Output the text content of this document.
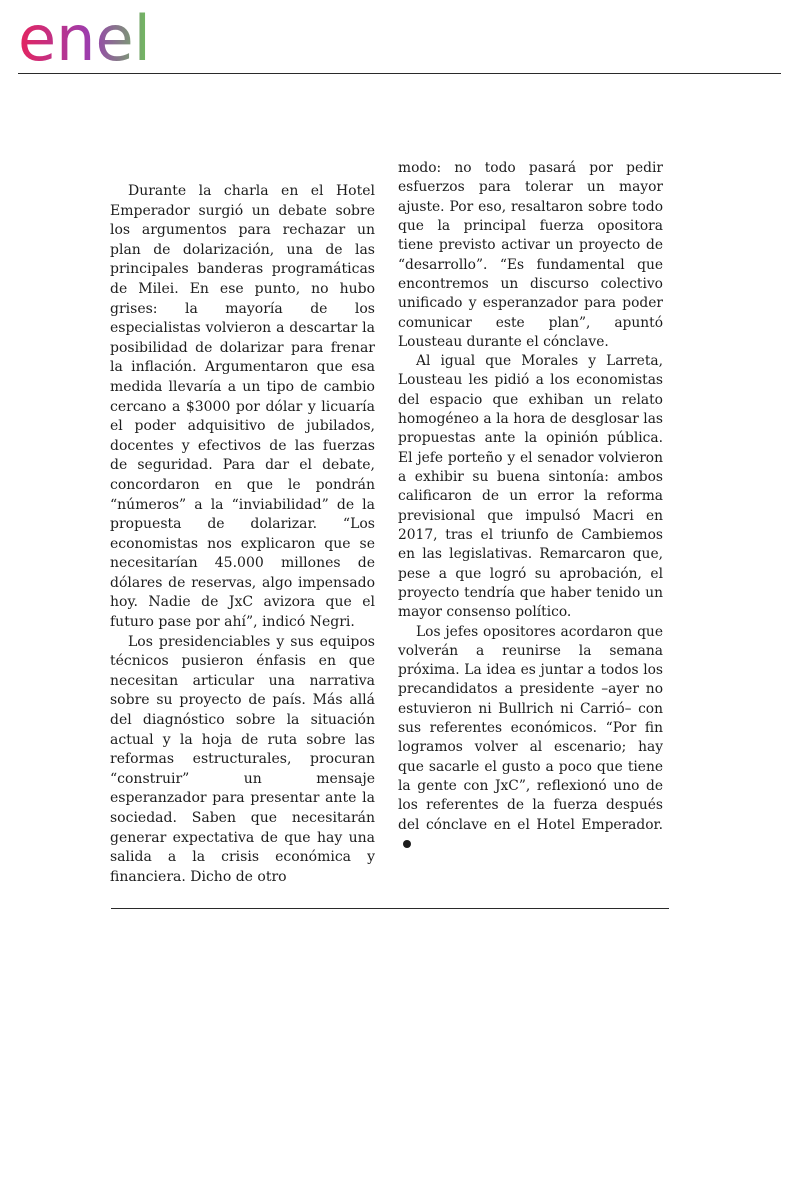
enel

Durante la charla en el Hotel Emperador surgió un debate sobre los argumentos para rechazar un plan de dolarización, una de las principales banderas programáticas de Milei. En ese punto, no hubo grises: la mayoría de los especialistas volvieron a descartar la posibilidad de dolarizar para frenar la inflación. Argumentaron que esa medida llevaría a un tipo de cambio cercano a $3000 por dólar y licuaría el poder adquisitivo de jubilados, docentes y efectivos de las fuerzas de seguridad. Para dar el debate, concordaron en que le pondrán “números” a la “inviabilidad” de la propuesta de dolarizar. “Los economistas nos explicaron que se necesitarían 45.000 millones de dólares de reservas, algo impensado hoy. Nadie de JxC avizora que el futuro pase por ahí”, indicó Negri.

Los presidenciables y sus equipos técnicos pusieron énfasis en que necesitan articular una narrativa sobre su proyecto de país. Más allá del diagnóstico sobre la situación actual y la hoja de ruta sobre las reformas estructurales, procuran “construir” un mensaje esperanzador para presentar ante la sociedad. Saben que necesitarán generar expectativa de que hay una salida a la crisis económica y financiera. Dicho de otro

modo: no todo pasará por pedir esfuerzos para tolerar un mayor ajuste. Por eso, resaltaron sobre todo que la principal fuerza opositora tiene previsto activar un proyecto de “desarrollo”. “Es fundamental que encontremos un discurso colectivo unificado y esperanzador para poder comunicar este plan”, apuntó Lousteau durante el cónclave.

Al igual que Morales y Larreta, Lousteau les pidió a los economistas del espacio que exhiban un relato homogéneo a la hora de desglosar las propuestas ante la opinión pública. El jefe porteño y el senador volvieron a exhibir su buena sintonía: ambos calificaron de un error la reforma previsional que impulsó Macri en 2017, tras el triunfo de Cambiemos en las legislativas. Remarcaron que, pese a que logró su aprobación, el proyecto tendría que haber tenido un mayor consenso político.

Los jefes opositores acordaron que volverán a reunirse la semana próxima. La idea es juntar a todos los precandidatos a presidente –ayer no estuvieron ni Bullrich ni Carrió– con sus referentes económicos. “Por fin logramos volver al escenario; hay que sacarle el gusto a poco que tiene la gente con JxC”, reflexionó uno de los referentes de la fuerza después del cónclave en el Hotel Emperador.
